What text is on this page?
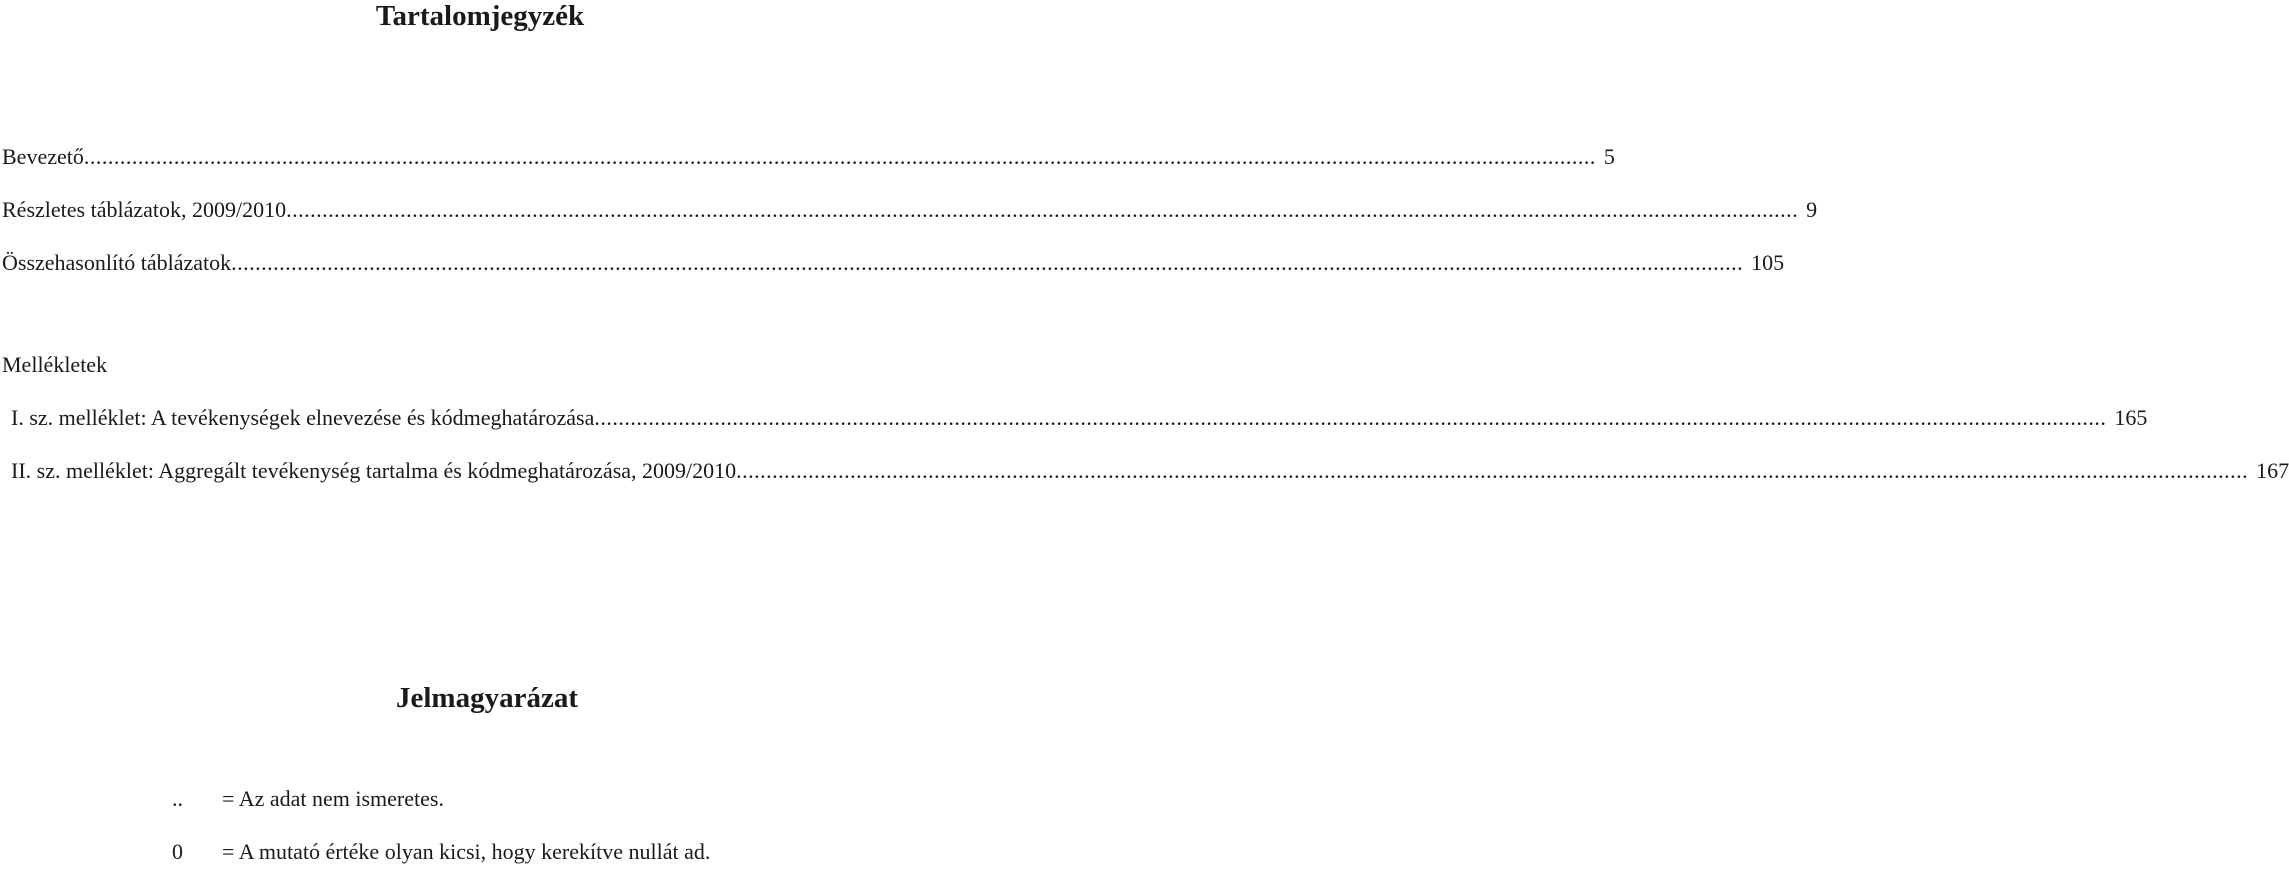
Tartalomjegyzék
Bevezető .....	5
Részletes táblázatok, 2009/2010 .....	9
Összehasonlító táblázatok .....	105
Mellékletek
I. sz. melléklet: A tevékenységek elnevezése és kódmeghatározása .....	165
II. sz. melléklet: Aggregált tevékenység tartalma és kódmeghatározása, 2009/2010 .....	167
Jelmagyarázat
..	= Az adat nem ismeretes.
0	= A mutató értéke olyan kicsi, hogy kerekítve nullát ad.
